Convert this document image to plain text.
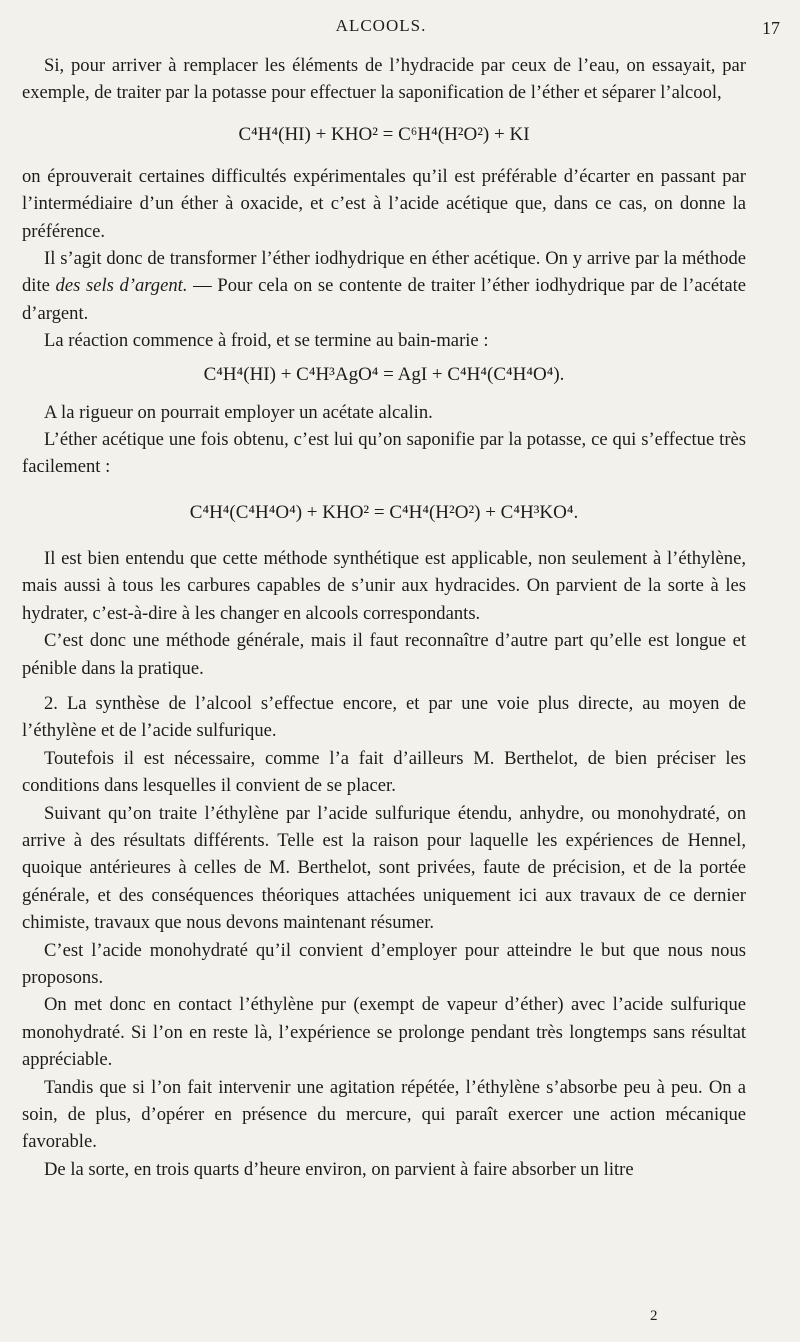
ALCOOLS.	17

Si, pour arriver à remplacer les éléments de l’hydracide par ceux de l’eau, on essayait, par exemple, de traiter par la potasse pour effectuer la saponification de l’éther et séparer l’alcool,

C⁴H⁴(HI) + KHO² = C⁶H⁴(H²O²) + KI

on éprouverait certaines difficultés expérimentales qu’il est préférable d’écarter en passant par l’intermédiaire d’un éther à oxacide, et c’est à l’acide acétique que, dans ce cas, on donne la préférence.

Il s’agit donc de transformer l’éther iodhydrique en éther acétique. On y arrive par la méthode dite des sels d’argent. — Pour cela on se contente de traiter l’éther iodhydrique par de l’acétate d’argent.

La réaction commence à froid, et se termine au bain-marie :

C⁴H⁴(HI) + C⁴H³AgO⁴ = AgI + C⁴H⁴(C⁴H⁴O⁴).

A la rigueur on pourrait employer un acétate alcalin.

L’éther acétique une fois obtenu, c’est lui qu’on saponifie par la potasse, ce qui s’effectue très facilement :

C⁴H⁴(C⁴H⁴O⁴) + KHO² = C⁴H⁴(H²O²) + C⁴H³KO⁴.

Il est bien entendu que cette méthode synthétique est applicable, non seulement à l’éthylène, mais aussi à tous les carbures capables de s’unir aux hydracides. On parvient de la sorte à les hydrater, c’est-à-dire à les changer en alcools correspondants.

C’est donc une méthode générale, mais il faut reconnaître d’autre part qu’elle est longue et pénible dans la pratique.

2. La synthèse de l’alcool s’effectue encore, et par une voie plus directe, au moyen de l’éthylène et de l’acide sulfurique.

Toutefois il est nécessaire, comme l’a fait d’ailleurs M. Berthelot, de bien préciser les conditions dans lesquelles il convient de se placer.

Suivant qu’on traite l’éthylène par l’acide sulfurique étendu, anhydre, ou monohydraté, on arrive à des résultats différents. Telle est la raison pour laquelle les expériences de Hennel, quoique antérieures à celles de M. Berthelot, sont privées, faute de précision, et de la portée générale, et des conséquences théoriques attachées uniquement ici aux travaux de ce dernier chimiste, travaux que nous devons maintenant résumer.

C’est l’acide monohydraté qu’il convient d’employer pour atteindre le but que nous nous proposons.

On met donc en contact l’éthylène pur (exempt de vapeur d’éther) avec l’acide sulfurique monohydraté. Si l’on en reste là, l’expérience se prolonge pendant très longtemps sans résultat appréciable.

Tandis que si l’on fait intervenir une agitation répétée, l’éthylène s’absorbe peu à peu. On a soin, de plus, d’opérer en présence du mercure, qui paraît exercer une action mécanique favorable.

De la sorte, en trois quarts d’heure environ, on parvient à faire absorber un litre

2
